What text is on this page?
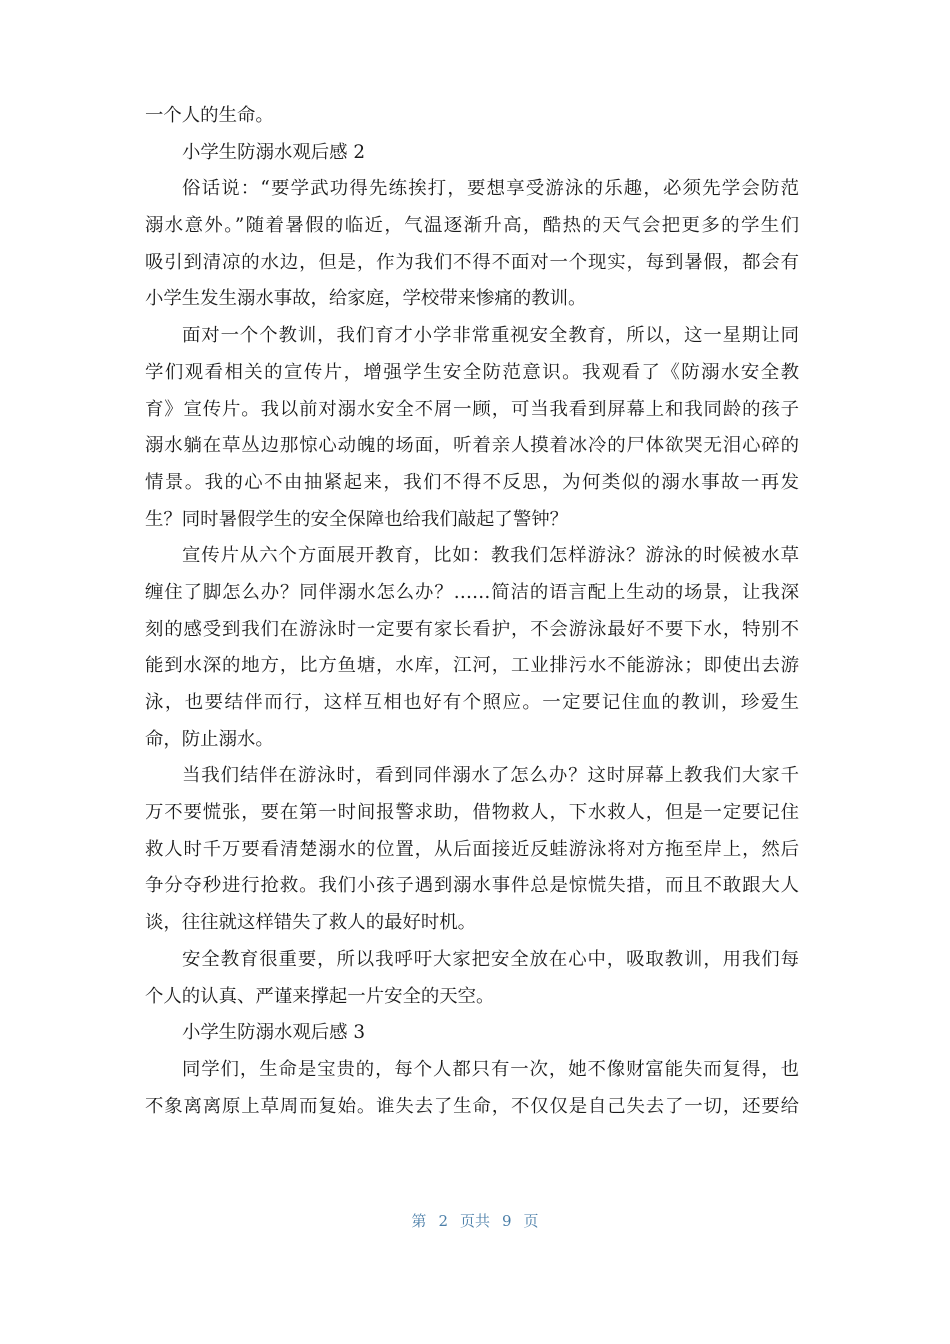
一个人的生命。
小学生防溺水观后感 2
俗话说：“要学武功得先练挨打，要想享受游泳的乐趣，必须先学会防范
溺水意外。”随着暑假的临近，气温逐渐升高，酷热的天气会把更多的学生们
吸引到清凉的水边，但是，作为我们不得不面对一个现实，每到暑假，都会有
小学生发生溺水事故，给家庭，学校带来惨痛的教训。
面对一个个教训，我们育才小学非常重视安全教育，所以，这一星期让同
学们观看相关的宣传片，增强学生安全防范意识。我观看了《防溺水安全教
育》宣传片。我以前对溺水安全不屑一顾，可当我看到屏幕上和我同龄的孩子
溺水躺在草丛边那惊心动魄的场面，听着亲人摸着冰冷的尸体欲哭无泪心碎的
情景。我的心不由抽紧起来，我们不得不反思，为何类似的溺水事故一再发
生？同时暑假学生的安全保障也给我们敲起了警钟？
宣传片从六个方面展开教育，比如：教我们怎样游泳？游泳的时候被水草
缠住了脚怎么办？同伴溺水怎么办？……简洁的语言配上生动的场景，让我深
刻的感受到我们在游泳时一定要有家长看护，不会游泳最好不要下水，特别不
能到水深的地方，比方鱼塘，水库，江河，工业排污水不能游泳；即使出去游
泳，也要结伴而行，这样互相也好有个照应。一定要记住血的教训，珍爱生
命，防止溺水。
当我们结伴在游泳时，看到同伴溺水了怎么办？这时屏幕上教我们大家千
万不要慌张，要在第一时间报警求助，借物救人，下水救人，但是一定要记住
救人时千万要看清楚溺水的位置，从后面接近反蛙游泳将对方拖至岸上，然后
争分夺秒进行抢救。我们小孩子遇到溺水事件总是惊慌失措，而且不敢跟大人
谈，往往就这样错失了救人的最好时机。
安全教育很重要，所以我呼吁大家把安全放在心中，吸取教训，用我们每
个人的认真、严谨来撑起一片安全的天空。
小学生防溺水观后感 3
同学们，生命是宝贵的，每个人都只有一次，她不像财富能失而复得，也
不象离离原上草周而复始。谁失去了生命，不仅仅是自己失去了一切，还要给
第 2 页共 9 页
